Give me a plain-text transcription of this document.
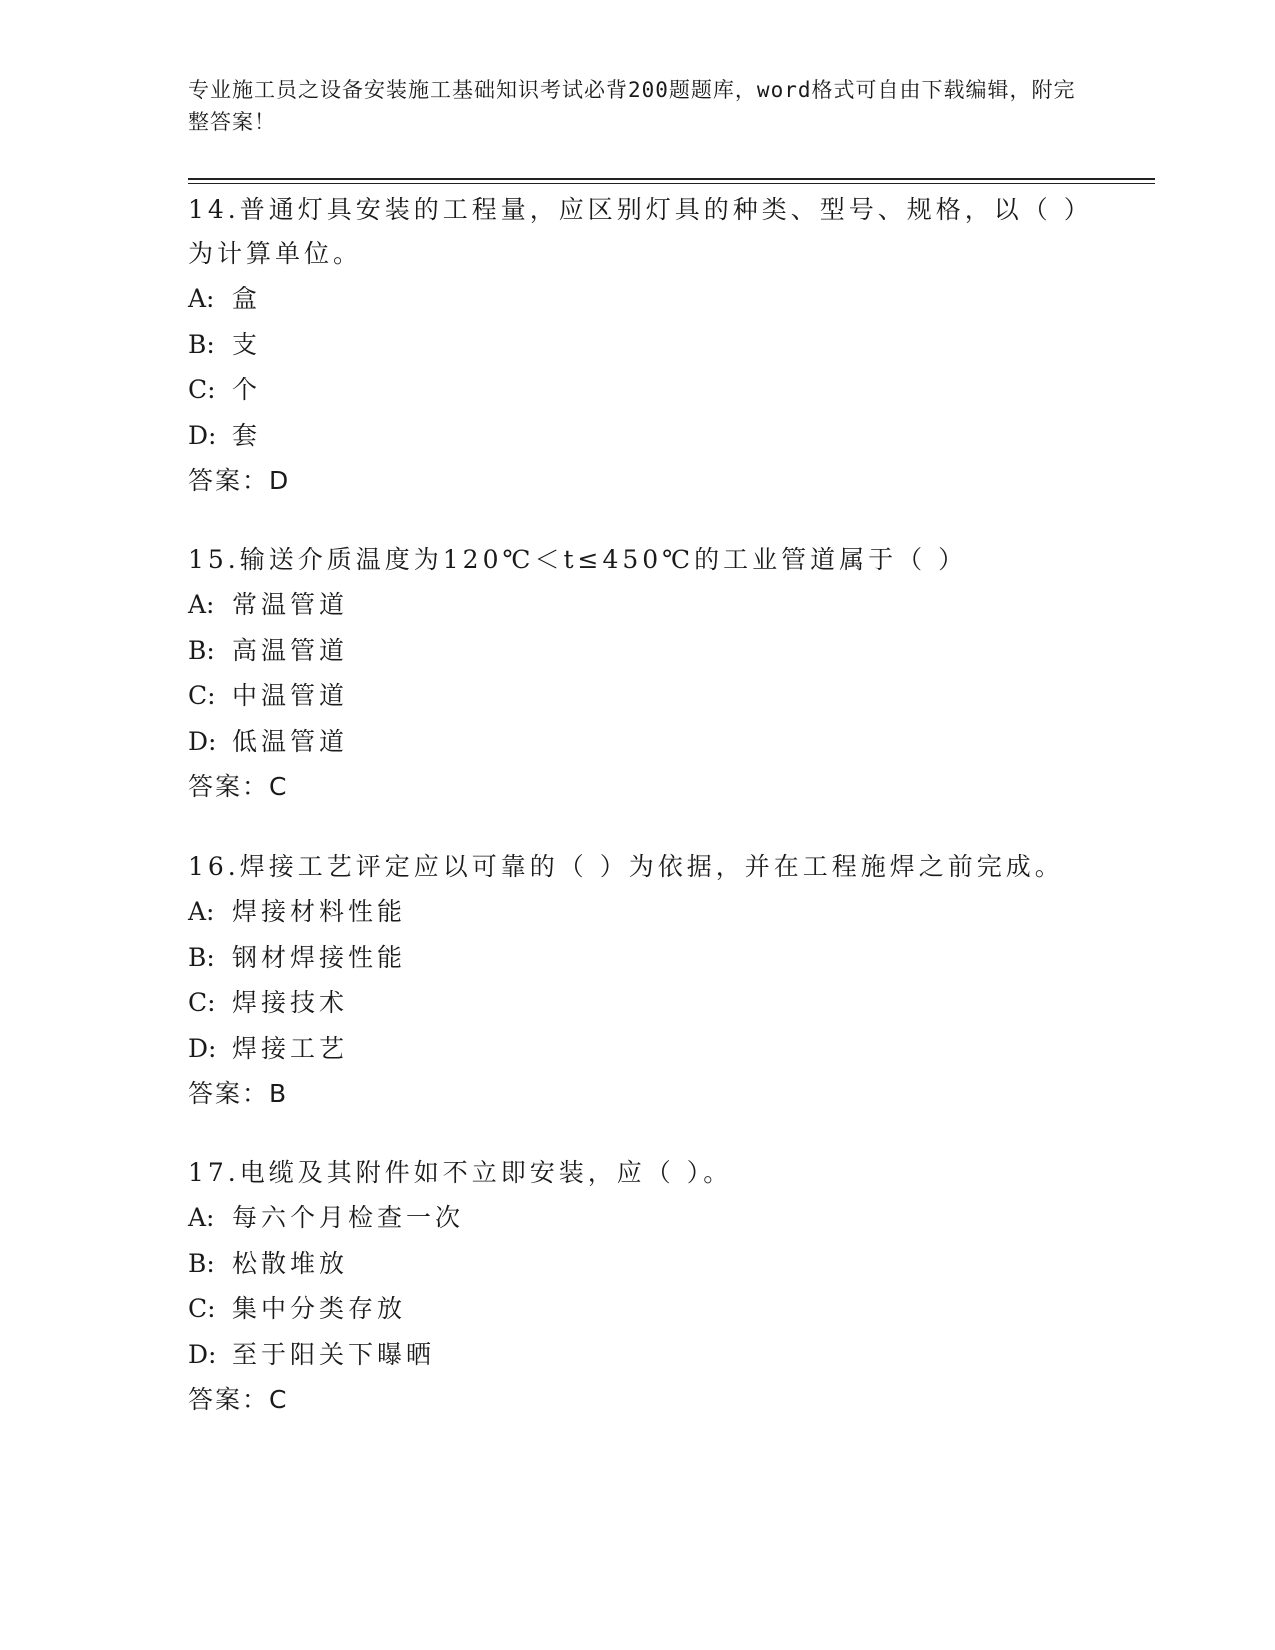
专业施工员之设备安装施工基础知识考试必背200题题库，word格式可自由下载编辑，附完整答案！

14.普通灯具安装的工程量，应区别灯具的种类、型号、规格，以（ ）为计算单位。

A: 盒
B: 支
C: 个
D: 套
答案：D

15.输送介质温度为120℃＜t≤450℃的工业管道属于（ ）

A: 常温管道
B: 高温管道
C: 中温管道
D: 低温管道
答案：C

16.焊接工艺评定应以可靠的（ ）为依据，并在工程施焊之前完成。

A: 焊接材料性能
B: 钢材焊接性能
C: 焊接技术
D: 焊接工艺
答案：B

17.电缆及其附件如不立即安装，应（ ）。

A: 每六个月检查一次
B: 松散堆放
C: 集中分类存放
D: 至于阳关下曝晒
答案：C
